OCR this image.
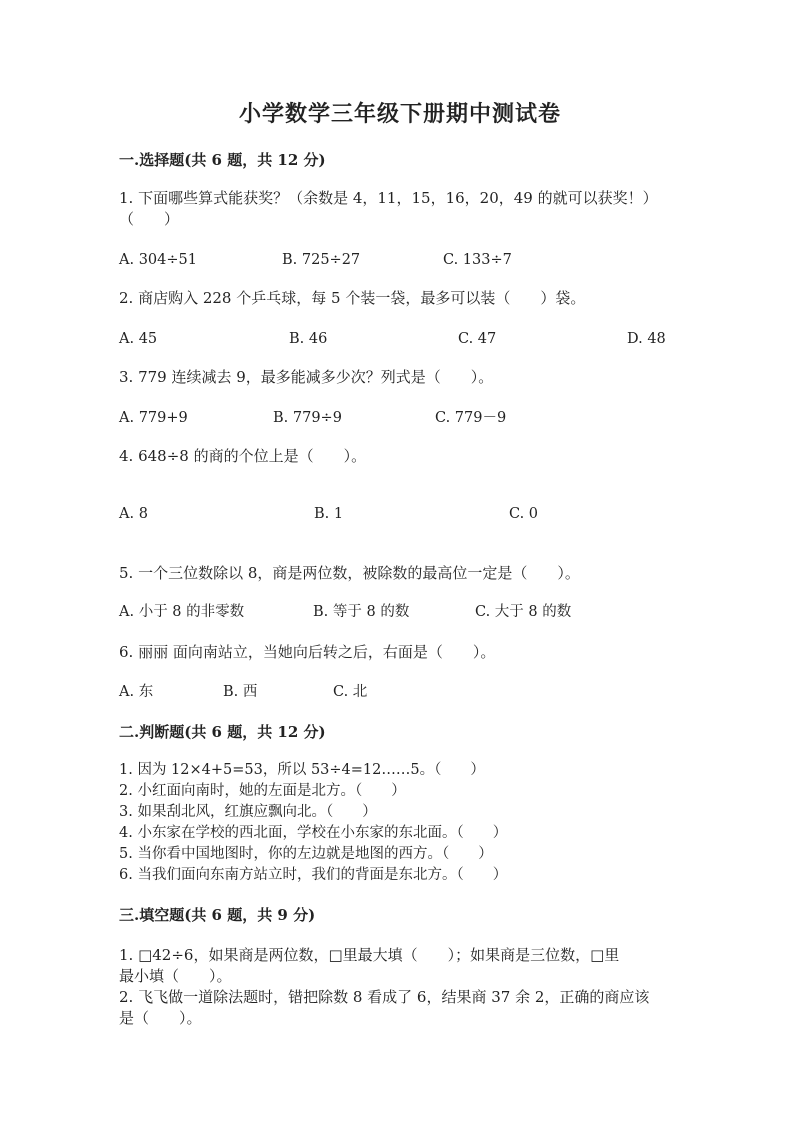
小学数学三年级下册期中测试卷
一.选择题(共 6 题，共 12 分)
1. 下面哪些算式能获奖？（余数是 4，11，15，16，20，49 的就可以获奖！）
（　　）
A. 304÷51	B. 725÷27	C. 133÷7
2. 商店购入 228 个乒乓球，每 5 个装一袋，最多可以装（　　）袋。
A. 45	B. 46	C. 47	D. 48
3. 779 连续减去 9，最多能减多少次？列式是（　　）。
A. 779+9	B. 779÷9	C. 779－9
4. 648÷8 的商的个位上是（　　）。
A. 8	B. 1	C. 0
5. 一个三位数除以 8，商是两位数，被除数的最高位一定是（　　）。
A. 小于 8 的非零数	B. 等于 8 的数	C. 大于 8 的数
6. 丽丽 面向南站立，当她向后转之后，右面是（　　）。
A. 东	B. 西	C. 北
二.判断题(共 6 题，共 12 分)
1. 因为 12×4+5=53，所以 53÷4=12……5。（　　）
2. 小红面向南时，她的左面是北方。（　　）
3. 如果刮北风，红旗应飘向北。（　　）
4. 小东家在学校的西北面，学校在小东家的东北面。（　　）
5. 当你看中国地图时，你的左边就是地图的西方。（　　）
6. 当我们面向东南方站立时，我们的背面是东北方。（　　）
三.填空题(共 6 题，共 9 分)
1. □42÷6，如果商是两位数，□里最大填（　　）；如果商是三位数，□里
最小填（　　）。
2. 飞飞做一道除法题时，错把除数 8 看成了 6，结果商 37 余 2，正确的商应该
是（　　）。
